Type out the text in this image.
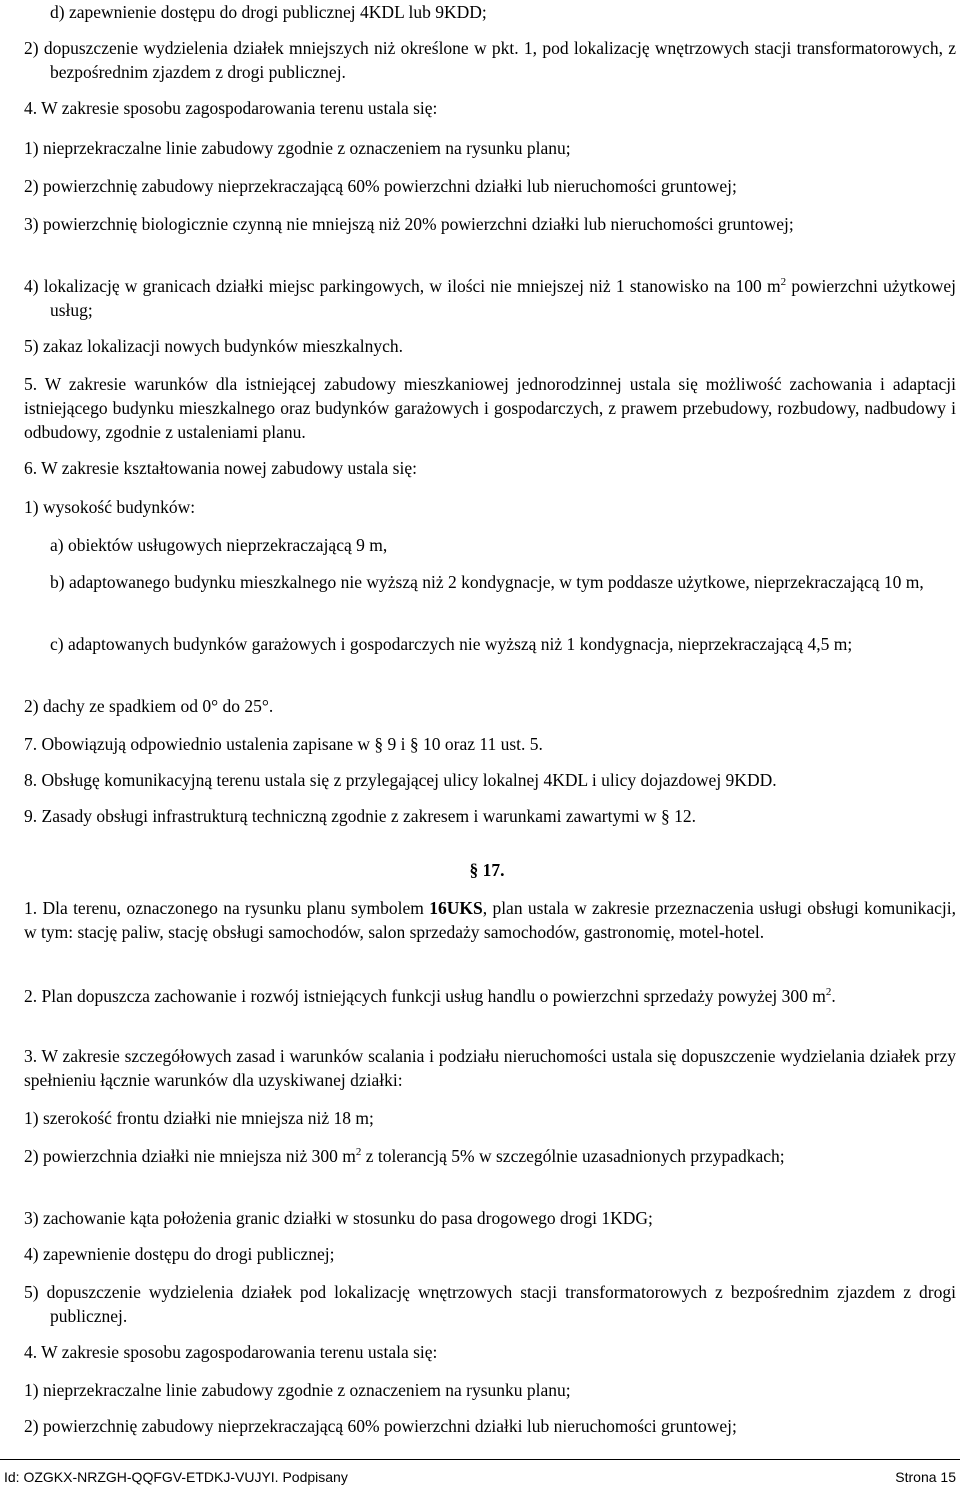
d) zapewnienie dostępu do drogi publicznej 4KDL lub 9KDD;

2) dopuszczenie wydzielenia działek mniejszych niż określone w pkt. 1, pod lokalizację wnętrzowych stacji transformatorowych, z bezpośrednim zjazdem z drogi publicznej.

4. W zakresie sposobu zagospodarowania terenu ustala się:

1) nieprzekraczalne linie zabudowy zgodnie z oznaczeniem na rysunku planu;

2) powierzchnię zabudowy nieprzekraczającą 60% powierzchni działki lub nieruchomości gruntowej;

3) powierzchnię biologicznie czynną nie mniejszą niż 20% powierzchni działki lub nieruchomości gruntowej;

4) lokalizację w granicach działki miejsc parkingowych, w ilości nie mniejszej niż 1 stanowisko na 100 $m^2$ powierzchni użytkowej usług;

5) zakaz lokalizacji nowych budynków mieszkalnych.

5. W zakresie warunków dla istniejącej zabudowy mieszkaniowej jednorodzinnej ustala się możliwość zachowania i adaptacji istniejącego budynku mieszkalnego oraz budynków garażowych i gospodarczych, z prawem przebudowy, rozbudowy, nadbudowy i odbudowy, zgodnie z ustaleniami planu.

6. W zakresie kształtowania nowej zabudowy ustala się:

1) wysokość budynków:

a) obiektów usługowych nieprzekraczającą 9 m,

b) adaptowanego budynku mieszkalnego nie wyższą niż 2 kondygnacje, w tym poddasze użytkowe, nieprzekraczającą 10 m,

c) adaptowanych budynków garażowych i gospodarczych nie wyższą niż 1 kondygnacja, nieprzekraczającą 4,5 m;

2) dachy ze spadkiem od 0° do 25°.

7. Obowiązują odpowiednio ustalenia zapisane w § 9 i § 10 oraz 11 ust. 5.

8. Obsługę komunikacyjną terenu ustala się z przylegającej ulicy lokalnej 4KDL i ulicy dojazdowej 9KDD.

9. Zasady obsługi infrastrukturą techniczną zgodnie z zakresem i warunkami zawartymi w § 12.

§ 17.

1. Dla terenu, oznaczonego na rysunku planu symbolem 16UKS, plan ustala w zakresie przeznaczenia usługi obsługi komunikacji, w tym: stację paliw, stację obsługi samochodów, salon sprzedaży samochodów, gastronomię, motel-hotel.

2. Plan dopuszcza zachowanie i rozwój istniejących funkcji usług handlu o powierzchni sprzedaży powyżej 300 $m^2$.

3. W zakresie szczegółowych zasad i warunków scalania i podziału nieruchomości ustala się dopuszczenie wydzielania działek przy spełnieniu łącznie warunków dla uzyskiwanej działki:

1) szerokość frontu działki nie mniejsza niż 18 m;

2) powierzchnia działki nie mniejsza niż 300 $m^2$ z tolerancją 5% w szczególnie uzasadnionych przypadkach;

3) zachowanie kąta położenia granic działki w stosunku do pasa drogowego drogi 1KDG;

4) zapewnienie dostępu do drogi publicznej;

5) dopuszczenie wydzielenia działek pod lokalizację wnętrzowych stacji transformatorowych z bezpośrednim zjazdem z drogi publicznej.

4. W zakresie sposobu zagospodarowania terenu ustala się:

1) nieprzekraczalne linie zabudowy zgodnie z oznaczeniem na rysunku planu;

2) powierzchnię zabudowy nieprzekraczającą 60% powierzchni działki lub nieruchomości gruntowej;

Id: OZGKX-NRZGH-QQFGV-ETDKJ-VUJYI. Podpisany	Strona 15
